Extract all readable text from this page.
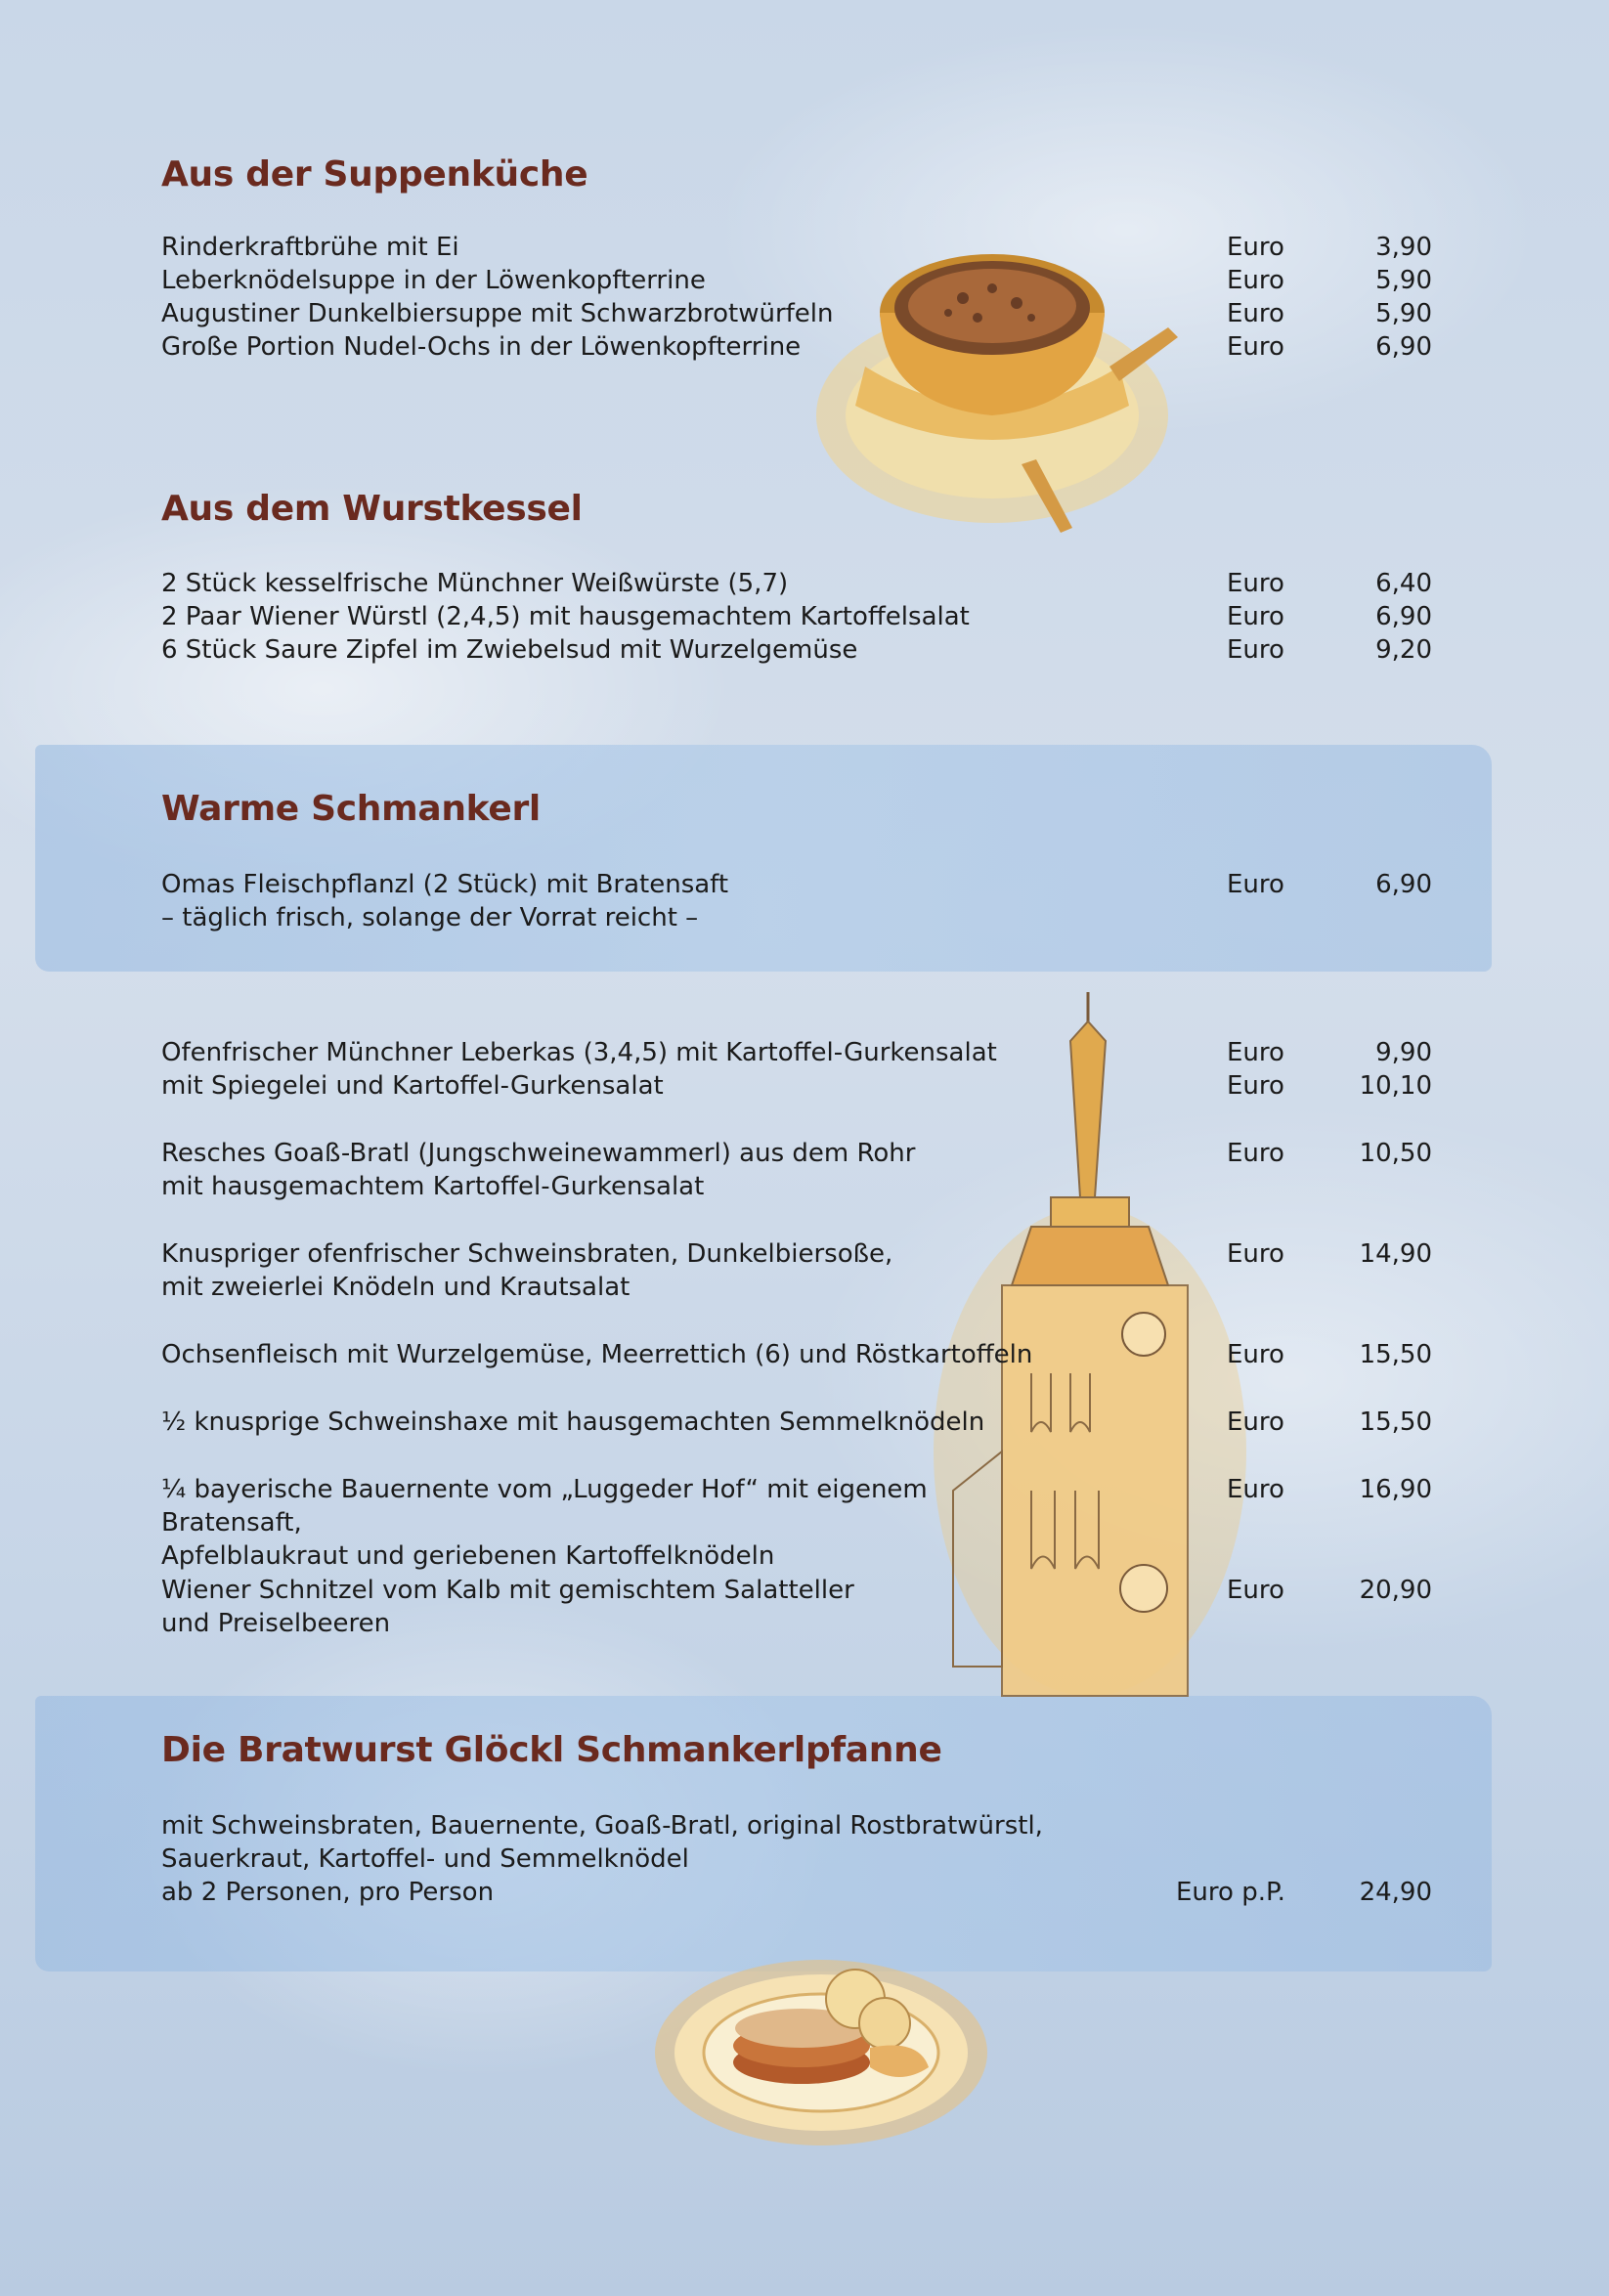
Aus der Suppenküche
Rinderkraftbrühe mit Ei	Euro	3,90
Leberknödelsuppe in der Löwenkopfterrine	Euro	5,90
Augustiner Dunkelbiersuppe mit Schwarzbrotwürfeln	Euro	5,90
Große Portion Nudel-Ochs in der Löwenkopfterrine	Euro	6,90
Aus dem Wurstkessel
2 Stück kesselfrische Münchner Weißwürste (5,7)	Euro	6,40
2 Paar Wiener Würstl (2,4,5) mit hausgemachtem Kartoffelsalat	Euro	6,90
6 Stück Saure Zipfel im Zwiebelsud mit Wurzelgemüse	Euro	9,20
Warme Schmankerl
Omas Fleischpflanzl (2 Stück) mit Bratensaft
– täglich frisch, solange der Vorrat reicht –
Euro	6,90
Ofenfrischer Münchner Leberkas (3,4,5) mit Kartoffel-Gurkensalat	Euro	9,90
mit Spiegelei und Kartoffel-Gurkensalat	Euro	10,10
Resches Goaß-Bratl (Jungschweinewammerl) aus dem Rohr
mit hausgemachtem Kartoffel-Gurkensalat
Euro	10,50
Knuspriger ofenfrischer Schweinsbraten, Dunkelbiersoße,
mit zweierlei Knödeln und Krautsalat
Euro	14,90
Ochsenfleisch mit Wurzelgemüse, Meerrettich (6) und Röstkartoffeln	Euro	15,50
½ knusprige Schweinshaxe mit hausgemachten Semmelknödeln	Euro	15,50
¼ bayerische Bauernente vom „Luggeder Hof“ mit eigenem Bratensaft,
Apfelblaukraut und geriebenen Kartoffelknödeln
Euro	16,90
Wiener Schnitzel vom Kalb mit gemischtem Salatteller
und Preiselbeeren
Euro	20,90
Die Bratwurst Glöckl Schmankerlpfanne
mit Schweinsbraten, Bauernente, Goaß-Bratl, original Rostbratwürstl,
Sauerkraut, Kartoffel- und Semmelknödel
ab 2 Personen, pro Person	Euro p.P.	24,90
